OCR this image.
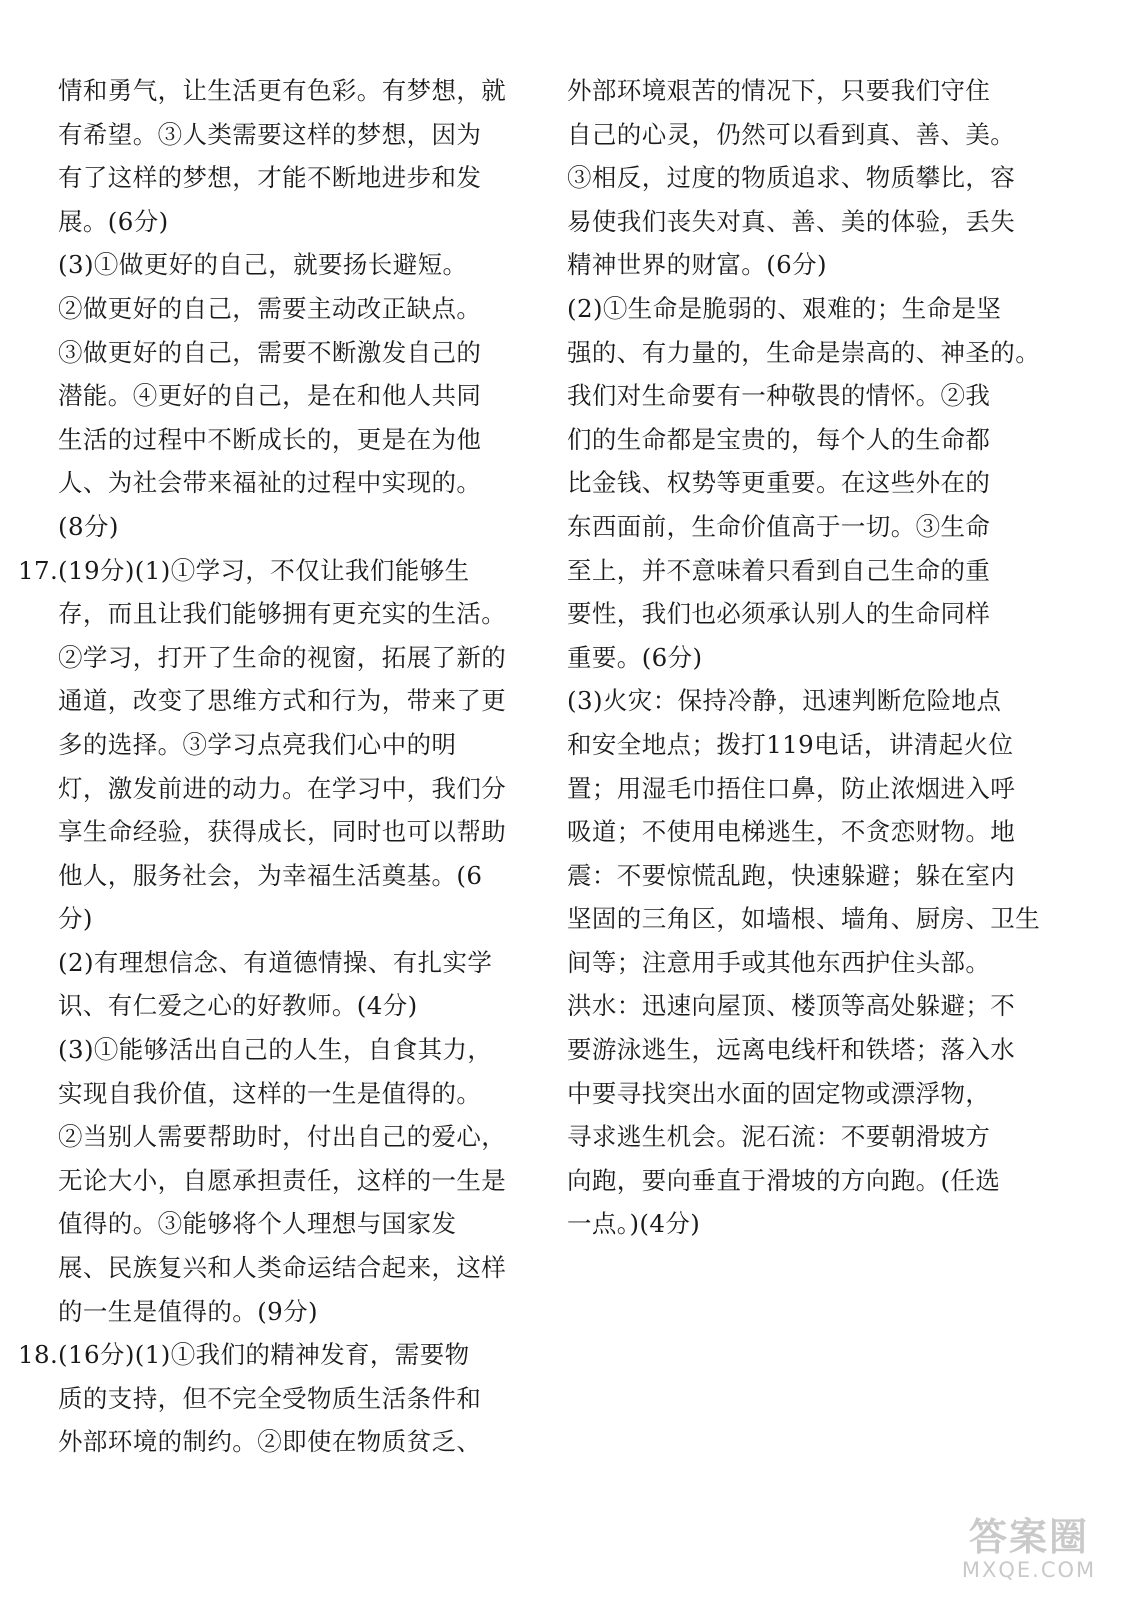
情和勇气，让生活更有色彩。有梦想，就
有希望。③人类需要这样的梦想，因为
有了这样的梦想，才能不断地进步和发
展。(6分)
(3)①做更好的自己，就要扬长避短。
②做更好的自己，需要主动改正缺点。
③做更好的自己，需要不断激发自己的
潜能。④更好的自己，是在和他人共同
生活的过程中不断成长的，更是在为他
人、为社会带来福祉的过程中实现的。
(8分)
17.(19分)(1)①学习，不仅让我们能够生
存，而且让我们能够拥有更充实的生活。
②学习，打开了生命的视窗，拓展了新的
通道，改变了思维方式和行为，带来了更
多的选择。③学习点亮我们心中的明
灯，激发前进的动力。在学习中，我们分
享生命经验，获得成长，同时也可以帮助
他人，服务社会，为幸福生活奠基。(6
分)
(2)有理想信念、有道德情操、有扎实学
识、有仁爱之心的好教师。(4分)
(3)①能够活出自己的人生，自食其力，
实现自我价值，这样的一生是值得的。
②当别人需要帮助时，付出自己的爱心，
无论大小，自愿承担责任，这样的一生是
值得的。③能够将个人理想与国家发
展、民族复兴和人类命运结合起来，这样
的一生是值得的。(9分)
18.(16分)(1)①我们的精神发育，需要物
质的支持，但不完全受物质生活条件和
外部环境的制约。②即使在物质贫乏、
外部环境艰苦的情况下，只要我们守住
自己的心灵，仍然可以看到真、善、美。
③相反，过度的物质追求、物质攀比，容
易使我们丧失对真、善、美的体验，丢失
精神世界的财富。(6分)
(2)①生命是脆弱的、艰难的；生命是坚
强的、有力量的，生命是崇高的、神圣的。
我们对生命要有一种敬畏的情怀。②我
们的生命都是宝贵的，每个人的生命都
比金钱、权势等更重要。在这些外在的
东西面前，生命价值高于一切。③生命
至上，并不意味着只看到自己生命的重
要性，我们也必须承认别人的生命同样
重要。(6分)
(3)火灾：保持冷静，迅速判断危险地点
和安全地点；拨打119电话，讲清起火位
置；用湿毛巾捂住口鼻，防止浓烟进入呼
吸道；不使用电梯逃生，不贪恋财物。地
震：不要惊慌乱跑，快速躲避；躲在室内
坚固的三角区，如墙根、墙角、厨房、卫生
间等；注意用手或其他东西护住头部。
洪水：迅速向屋顶、楼顶等高处躲避；不
要游泳逃生，远离电线杆和铁塔；落入水
中要寻找突出水面的固定物或漂浮物，
寻求逃生机会。泥石流：不要朝滑坡方
向跑，要向垂直于滑坡的方向跑。(任选
一点。)(4分)
答案圈
MXQE.COM
